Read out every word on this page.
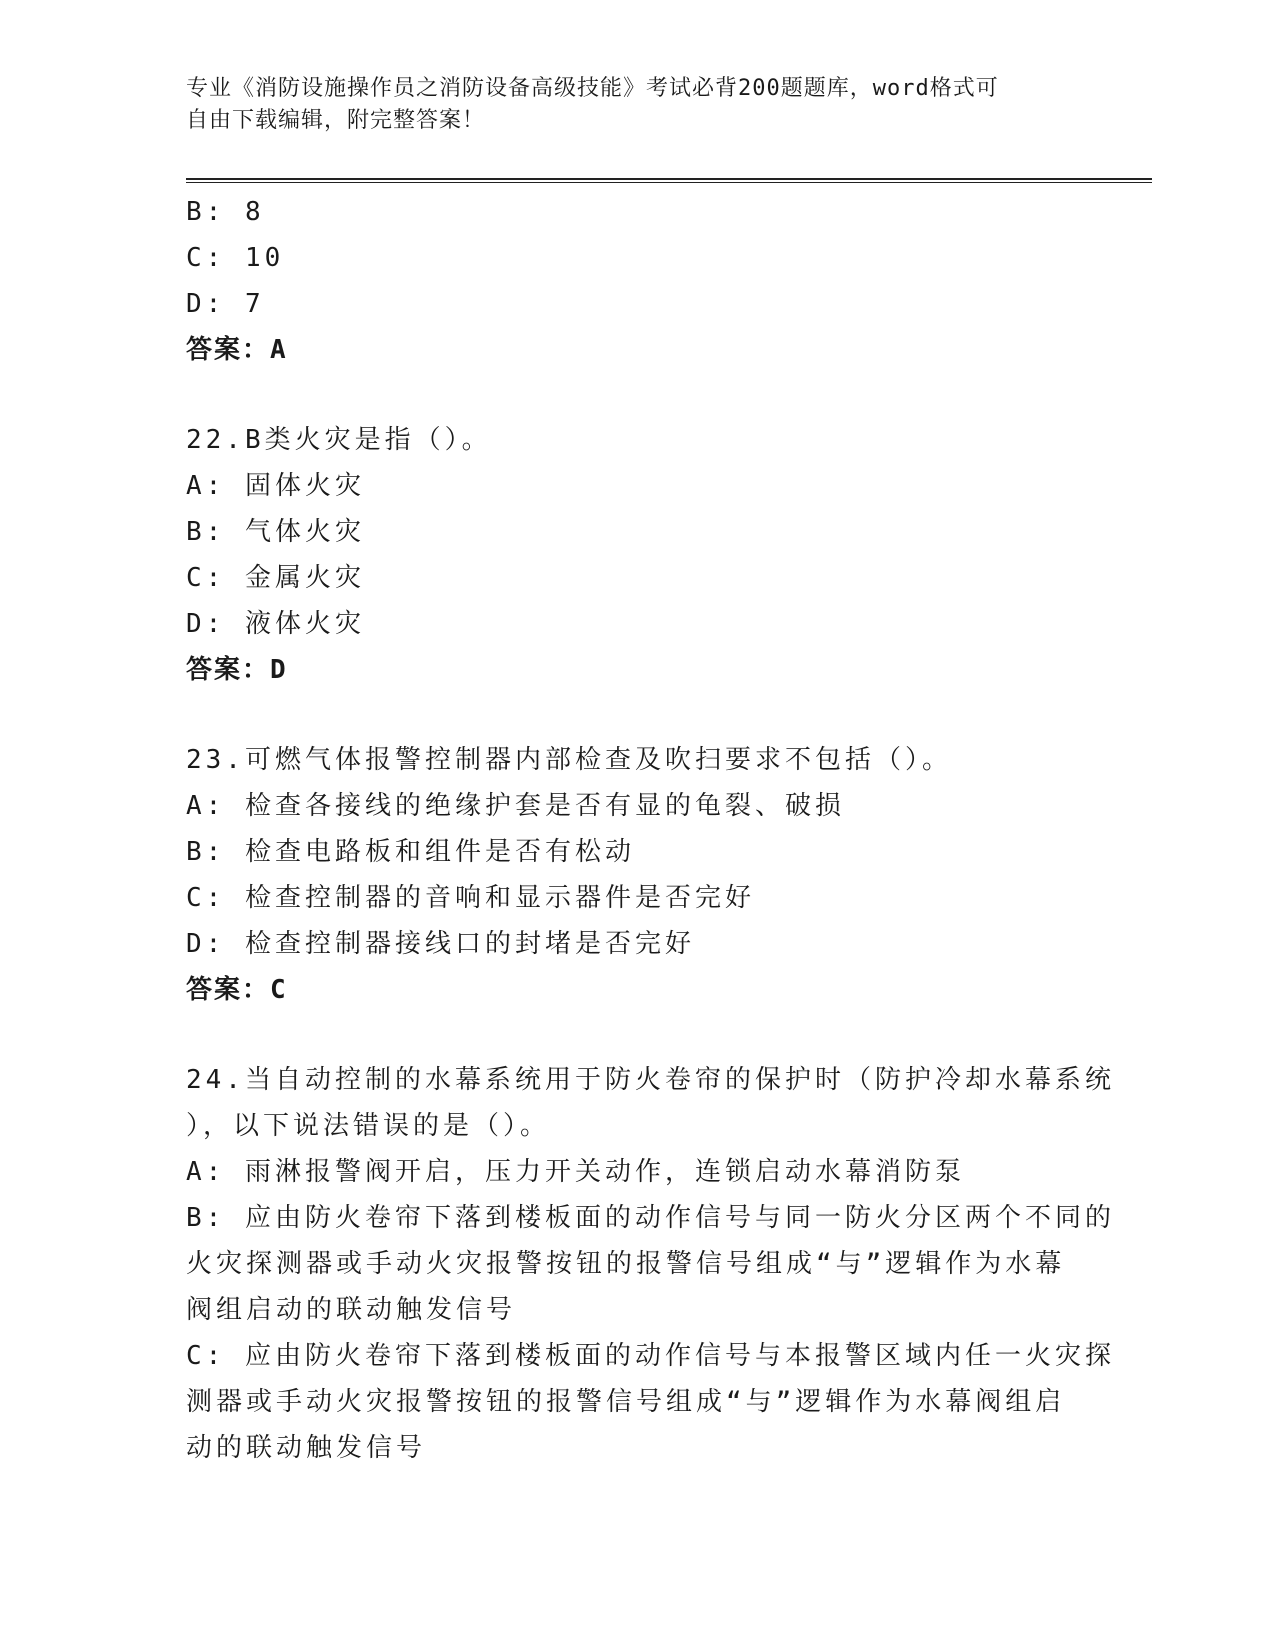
专业《消防设施操作员之消防设备高级技能》考试必背200题题库，word格式可
自由下载编辑，附完整答案！
B: 8
C: 10
D: 7
答案：A
22.B类火灾是指（）。
A: 固体火灾
B: 气体火灾
C: 金属火灾
D: 液体火灾
答案：D
23.可燃气体报警控制器内部检查及吹扫要求不包括（）。
A: 检查各接线的绝缘护套是否有显的龟裂、破损
B: 检查电路板和组件是否有松动
C: 检查控制器的音响和显示器件是否完好
D: 检查控制器接线口的封堵是否完好
答案：C
24.当自动控制的水幕系统用于防火卷帘的保护时（防护冷却水幕系统
），以下说法错误的是（）。
A: 雨淋报警阀开启，压力开关动作，连锁启动水幕消防泵
B: 应由防火卷帘下落到楼板面的动作信号与同一防火分区两个不同的
火灾探测器或手动火灾报警按钮的报警信号组成“与”逻辑作为水幕
阀组启动的联动触发信号
C: 应由防火卷帘下落到楼板面的动作信号与本报警区域内任一火灾探
测器或手动火灾报警按钮的报警信号组成“与”逻辑作为水幕阀组启
动的联动触发信号
